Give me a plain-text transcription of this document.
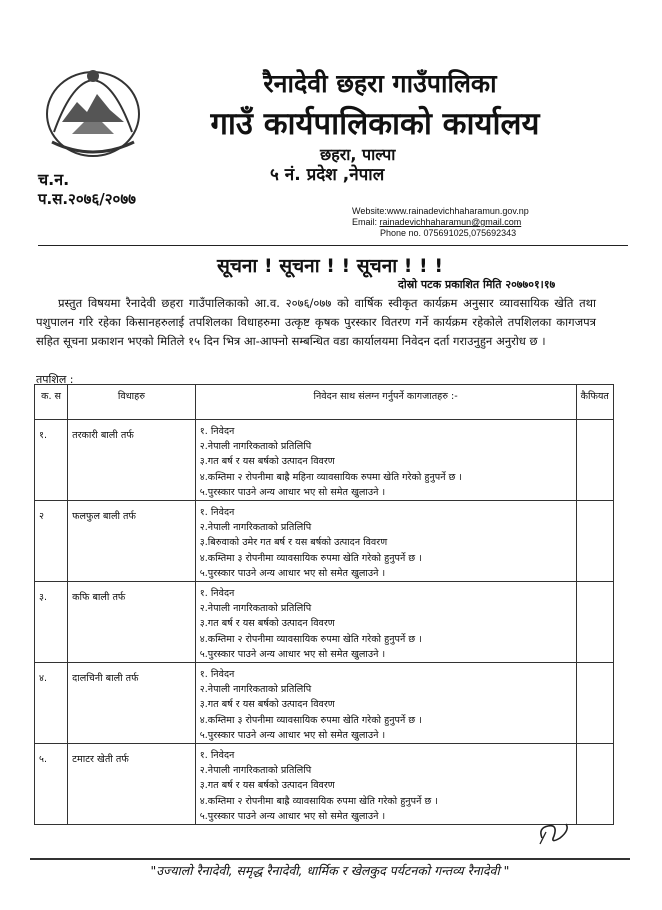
रैनादेवी छहरा गाउँपालिका
गाउँ कार्यपालिकाको कार्यालय
छहरा, पाल्पा
५ नं. प्रदेश ,नेपाल
च.न.
प.स.२०७६/२०७७
Website:www.rainadevichhaharamun.gov.np
Email: rainadevichhaharamun@gmail.com
Phone no. 075691025,075692343
सूचना ! सूचना ! ! सूचना ! ! !
दोस्रो पटक प्रकाशित मिति २०७७०१।१७
प्रस्तुत विषयमा रैनादेवी छहरा गाउँपालिकाको आ.व. २०७६/०७७ को वार्षिक स्वीकृत कार्यक्रम अनुसार व्यावसायिक खेति तथा पशुपालन गरि रहेका किसानहरुलाई तपशिलका विधाहरुमा उत्कृष्ट कृषक पुरस्कार वितरण गर्ने कार्यक्रम रहेकोले तपशिलका कागजपत्र सहित सूचना प्रकाशन भएको मितिले १५ दिन भित्र आ-आफ्नो सम्बन्धित वडा कार्यालयमा निवेदन दर्ता गराउनुहुन अनुरोध छ ।
तपशिल :
क. स	विधाहरु	निवेदन साथ संलग्न गर्नुपर्ने कागजातहरु :-	कैफियत
१.	तरकारी बाली तर्फ	१. निवेदन
२.नेपाली नागरिकताको प्रतिलिपि
३.गत बर्ष र यस बर्षको उत्पादन विवरण
४.कम्तिमा २ रोपनीमा बाह्रै महिना व्यावसायिक रुपमा खेति गरेको हुनुपर्ने छ ।
५.पुरस्कार पाउने अन्य आधार भए सो समेत खुलाउने ।	

२	फलफुल बाली तर्फ	१. निवेदन
२.नेपाली नागरिकताको प्रतिलिपि
३.बिरुवाको उमेर गत बर्ष र यस बर्षको उत्पादन विवरण
४.कम्तिमा ३ रोपनीमा व्यावसायिक रुपमा खेति गरेको हुनुपर्ने छ ।
५.पुरस्कार पाउने अन्य आधार भए सो समेत खुलाउने ।	

३.	कफि बाली तर्फ	१. निवेदन
२.नेपाली नागरिकताको प्रतिलिपि
३.गत बर्ष र यस बर्षको उत्पादन विवरण
४.कम्तिमा २ रोपनीमा व्यावसायिक रुपमा खेति गरेको हुनुपर्ने छ ।
५.पुरस्कार पाउने अन्य आधार भए सो समेत खुलाउने ।	

४.	दालचिनी बाली तर्फ	१. निवेदन
२.नेपाली नागरिकताको प्रतिलिपि
३.गत बर्ष र यस बर्षको उत्पादन विवरण
४.कम्तिमा ३ रोपनीमा व्यावसायिक रुपमा खेति गरेको हुनुपर्ने छ ।
५.पुरस्कार पाउने अन्य आधार भए सो समेत खुलाउने ।	

५.	टमाटर खेती तर्फ	१. निवेदन
२.नेपाली नागरिकताको प्रतिलिपि
३.गत बर्ष र यस बर्षको उत्पादन विवरण
४.कम्तिमा २ रोपनीमा बाह्रै व्यावसायिक रुपमा खेति गरेको हुनुपर्ने छ ।
५.पुरस्कार पाउने अन्य आधार भए सो समेत खुलाउने ।	

"उज्यालो रैनादेवी, समृद्ध रैनादेवी, धार्मिक र खेलकुद पर्यटनको गन्तव्य रैनादेवी "
